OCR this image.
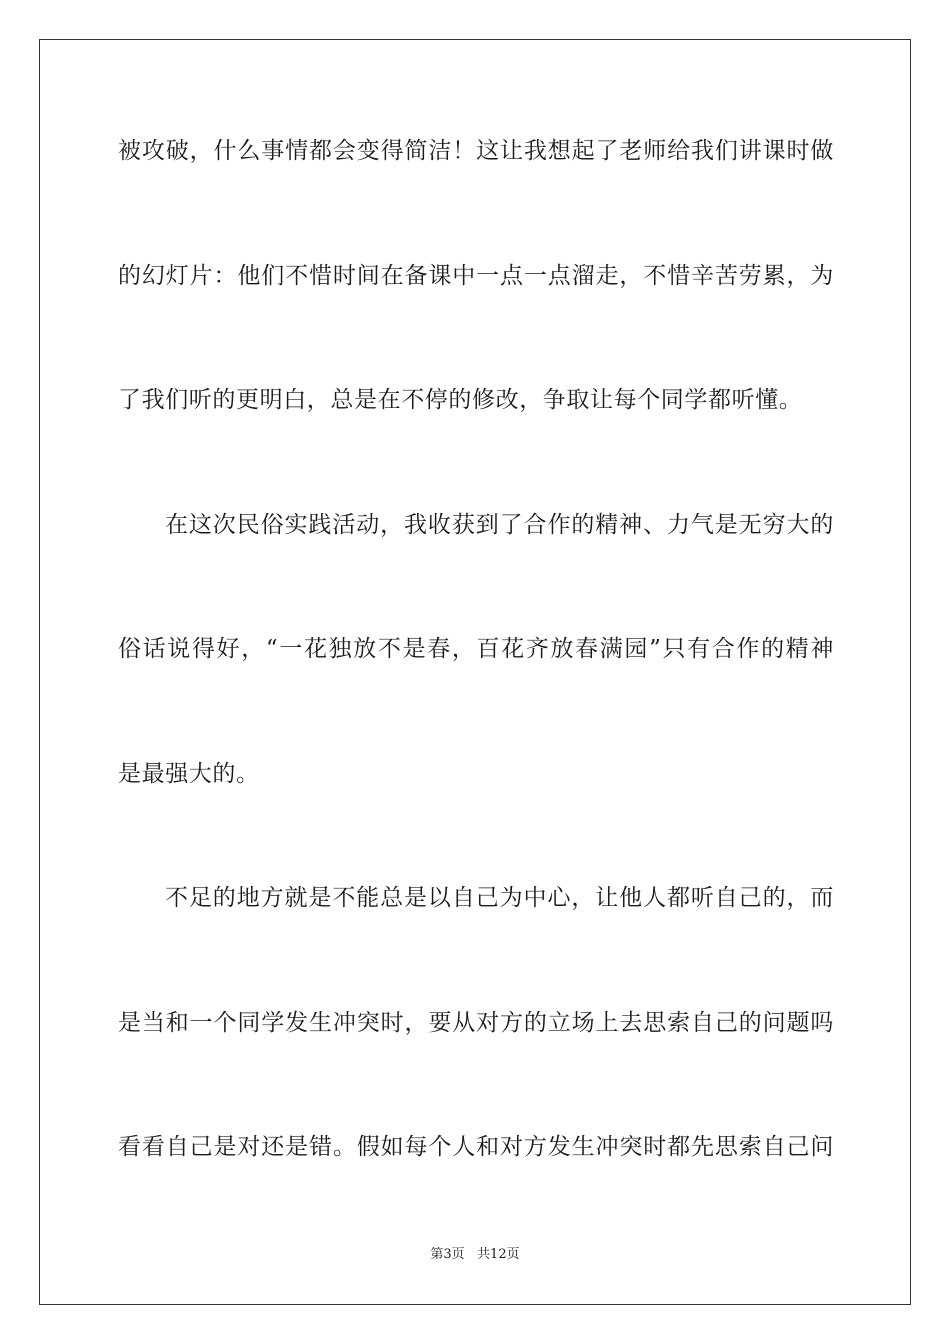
被攻破，什么事情都会变得简洁！这让我想起了老师给我们讲课时做
的幻灯片：他们不惜时间在备课中一点一点溜走，不惜辛苦劳累，为
了我们听的更明白，总是在不停的修改，争取让每个同学都听懂。
在这次民俗实践活动，我收获到了合作的精神、力气是无穷大的
俗话说得好，“一花独放不是春，百花齐放春满园”只有合作的精神
是最强大的。
不足的地方就是不能总是以自己为中心，让他人都听自己的，而
是当和一个同学发生冲突时，要从对方的立场上去思索自己的问题吗
看看自己是对还是错。假如每个人和对方发生冲突时都先思索自己问
第3页   共12页
